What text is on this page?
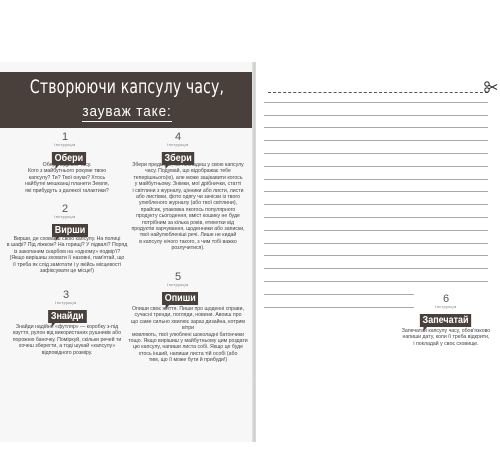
Створюючи капсулу часу,
зауваж таке:
1
Інструкція
Обери
Обери відрізок часу.
Кого з майбутнього рокуме твою
капсулу? Ти? Твої онуки? Хтось
найбутні мешканці планети Земля,
які прибудуть з далекої галактики?
2
Інструкція
Вирши
Вирши, де сховаєш свою капсулу. На полиці
в шафі? Під ліжком? На горищі? У підвалі? Поряд
із закопаним скарбом на «одному» подвір'ї?
(Якщо вирішиш зховати її назовні, пам'ятай, що
її треба як слід замотати і у якійсь місцевості
зафіксувати це місце!)
3
Інструкція
Знайди
Знайди надійне «футляр» — коробку з-під
взуття, рулон від використаних рушників або
порожню баночку. Поміркуй, скільки речей ти
хочеш зберегти, а тоді шукай «капсулу»
відповідного розміру.
4
Інструкція
Збери
Збери предмети, які покладеш у свою капсулу
часу. Подумай, що відображає тебе
теперішнього(ю), але може зацікавити когось
у майбутньому. Знімки, мої дрібнички, статті
і світлини з журналу, цінники або листи, листи
або листівки, фото одягу чи зачіски із твого
улюбленого журналу (або твої світлини),
прайсик, упаковка якогось популярного
продукту сьогодення, вміст кошику не буде
потрібним за кілька років, етикетки від
продуктів харчування, щоденники або записки,
твої найулюбленіші речі. Лише не кидай
в капсулу нічого такого, з чим тобі важко
розлучитися).
5
Інструкція
Опиши
Опиши своє життя. Пиши про щоденні справи,
сучасні тренди, погляди, новини. Авоиш про
що саме сильно хвилює зараз дизайна, котрим вітри
мовляють, твої улюблені шоколадні батончики
тощо. Якщо вирішиш у майбутньому цим роздати
цю капсулу, напиши листа собі. Якщо це буде
хтось інший, напиши листа тій особі (або
тим, що її може бути й прибуди!)
6
Інструкція
Запечатай
Запечатай капсулу часу, обов'язково
напиши дату, коли її треба відкрити,
і покладай у своє сховище.
